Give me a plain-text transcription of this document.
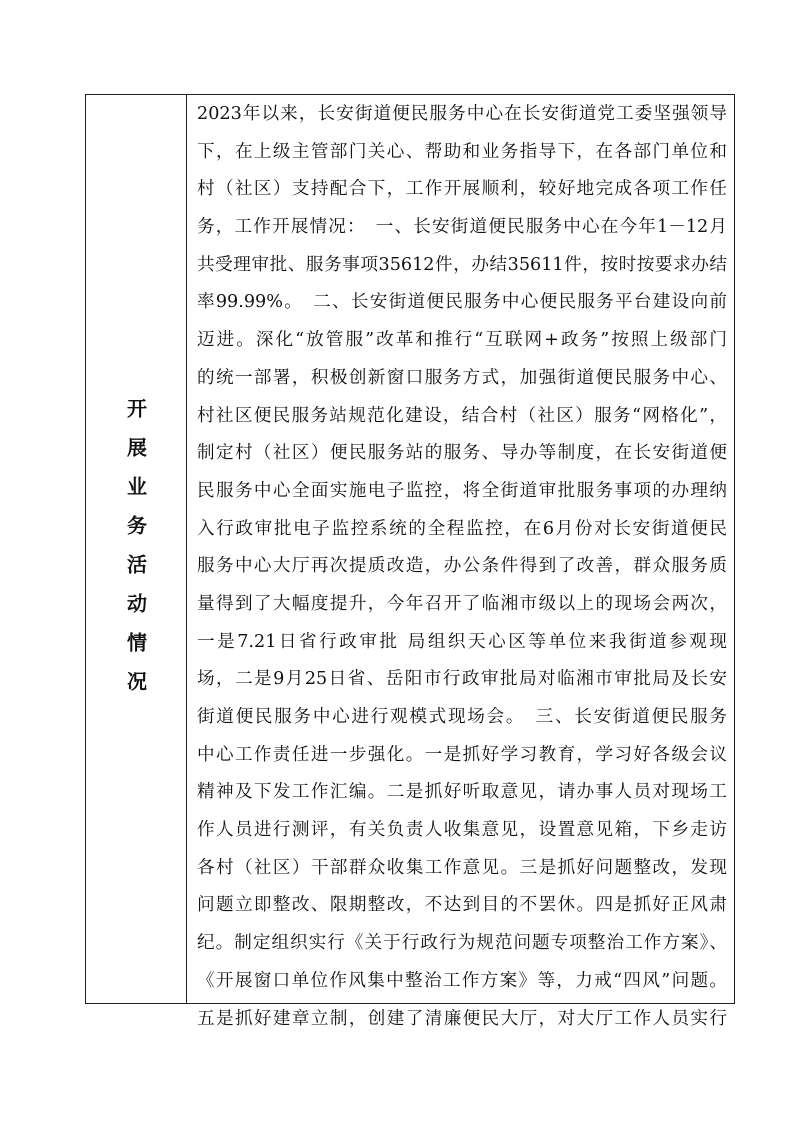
开展业务活动情况
2023年以来，长安街道便民服务中心在长安街道党工委坚强领导
下，在上级主管部门关心、帮助和业务指导下，在各部门单位和
村（社区）支持配合下，工作开展顺利，较好地完成各项工作任
务，工作开展情况：　一、长安街道便民服务中心在今年1－12月
共受理审批、服务事项35612件，办结35611件，按时按要求办结
率99.99%。　二、长安街道便民服务中心便民服务平台建设向前
迈进。深化“放管服”改革和推行“互联网+政务”按照上级部门
的统一部署，积极创新窗口服务方式，加强街道便民服务中心、
村社区便民服务站规范化建设，结合村（社区）服务“网格化”，
制定村（社区）便民服务站的服务、导办等制度，在长安街道便
民服务中心全面实施电子监控，将全街道审批服务事项的办理纳
入行政审批电子监控系统的全程监控，在6月份对长安街道便民
服务中心大厅再次提质改造，办公条件得到了改善，群众服务质
量得到了大幅度提升，今年召开了临湘市级以上的现场会两次，
一是7.21日省行政审批 局组织天心区等单位来我街道参观现
场，二是9月25日省、岳阳市行政审批局对临湘市审批局及长安
街道便民服务中心进行观模式现场会。　三、长安街道便民服务
中心工作责任进一步强化。一是抓好学习教育，学习好各级会议
精神及下发工作汇编。二是抓好听取意见，请办事人员对现场工
作人员进行测评，有关负责人收集意见，设置意见箱，下乡走访
各村（社区）干部群众收集工作意见。三是抓好问题整改，发现
问题立即整改、限期整改，不达到目的不罢休。四是抓好正风肃
纪。制定组织实行《关于行政行为规范问题专项整治工作方案》、
《开展窗口单位作风集中整治工作方案》等，力戒“四风”问题。
五是抓好建章立制，创建了清廉便民大厅，对大厅工作人员实行
